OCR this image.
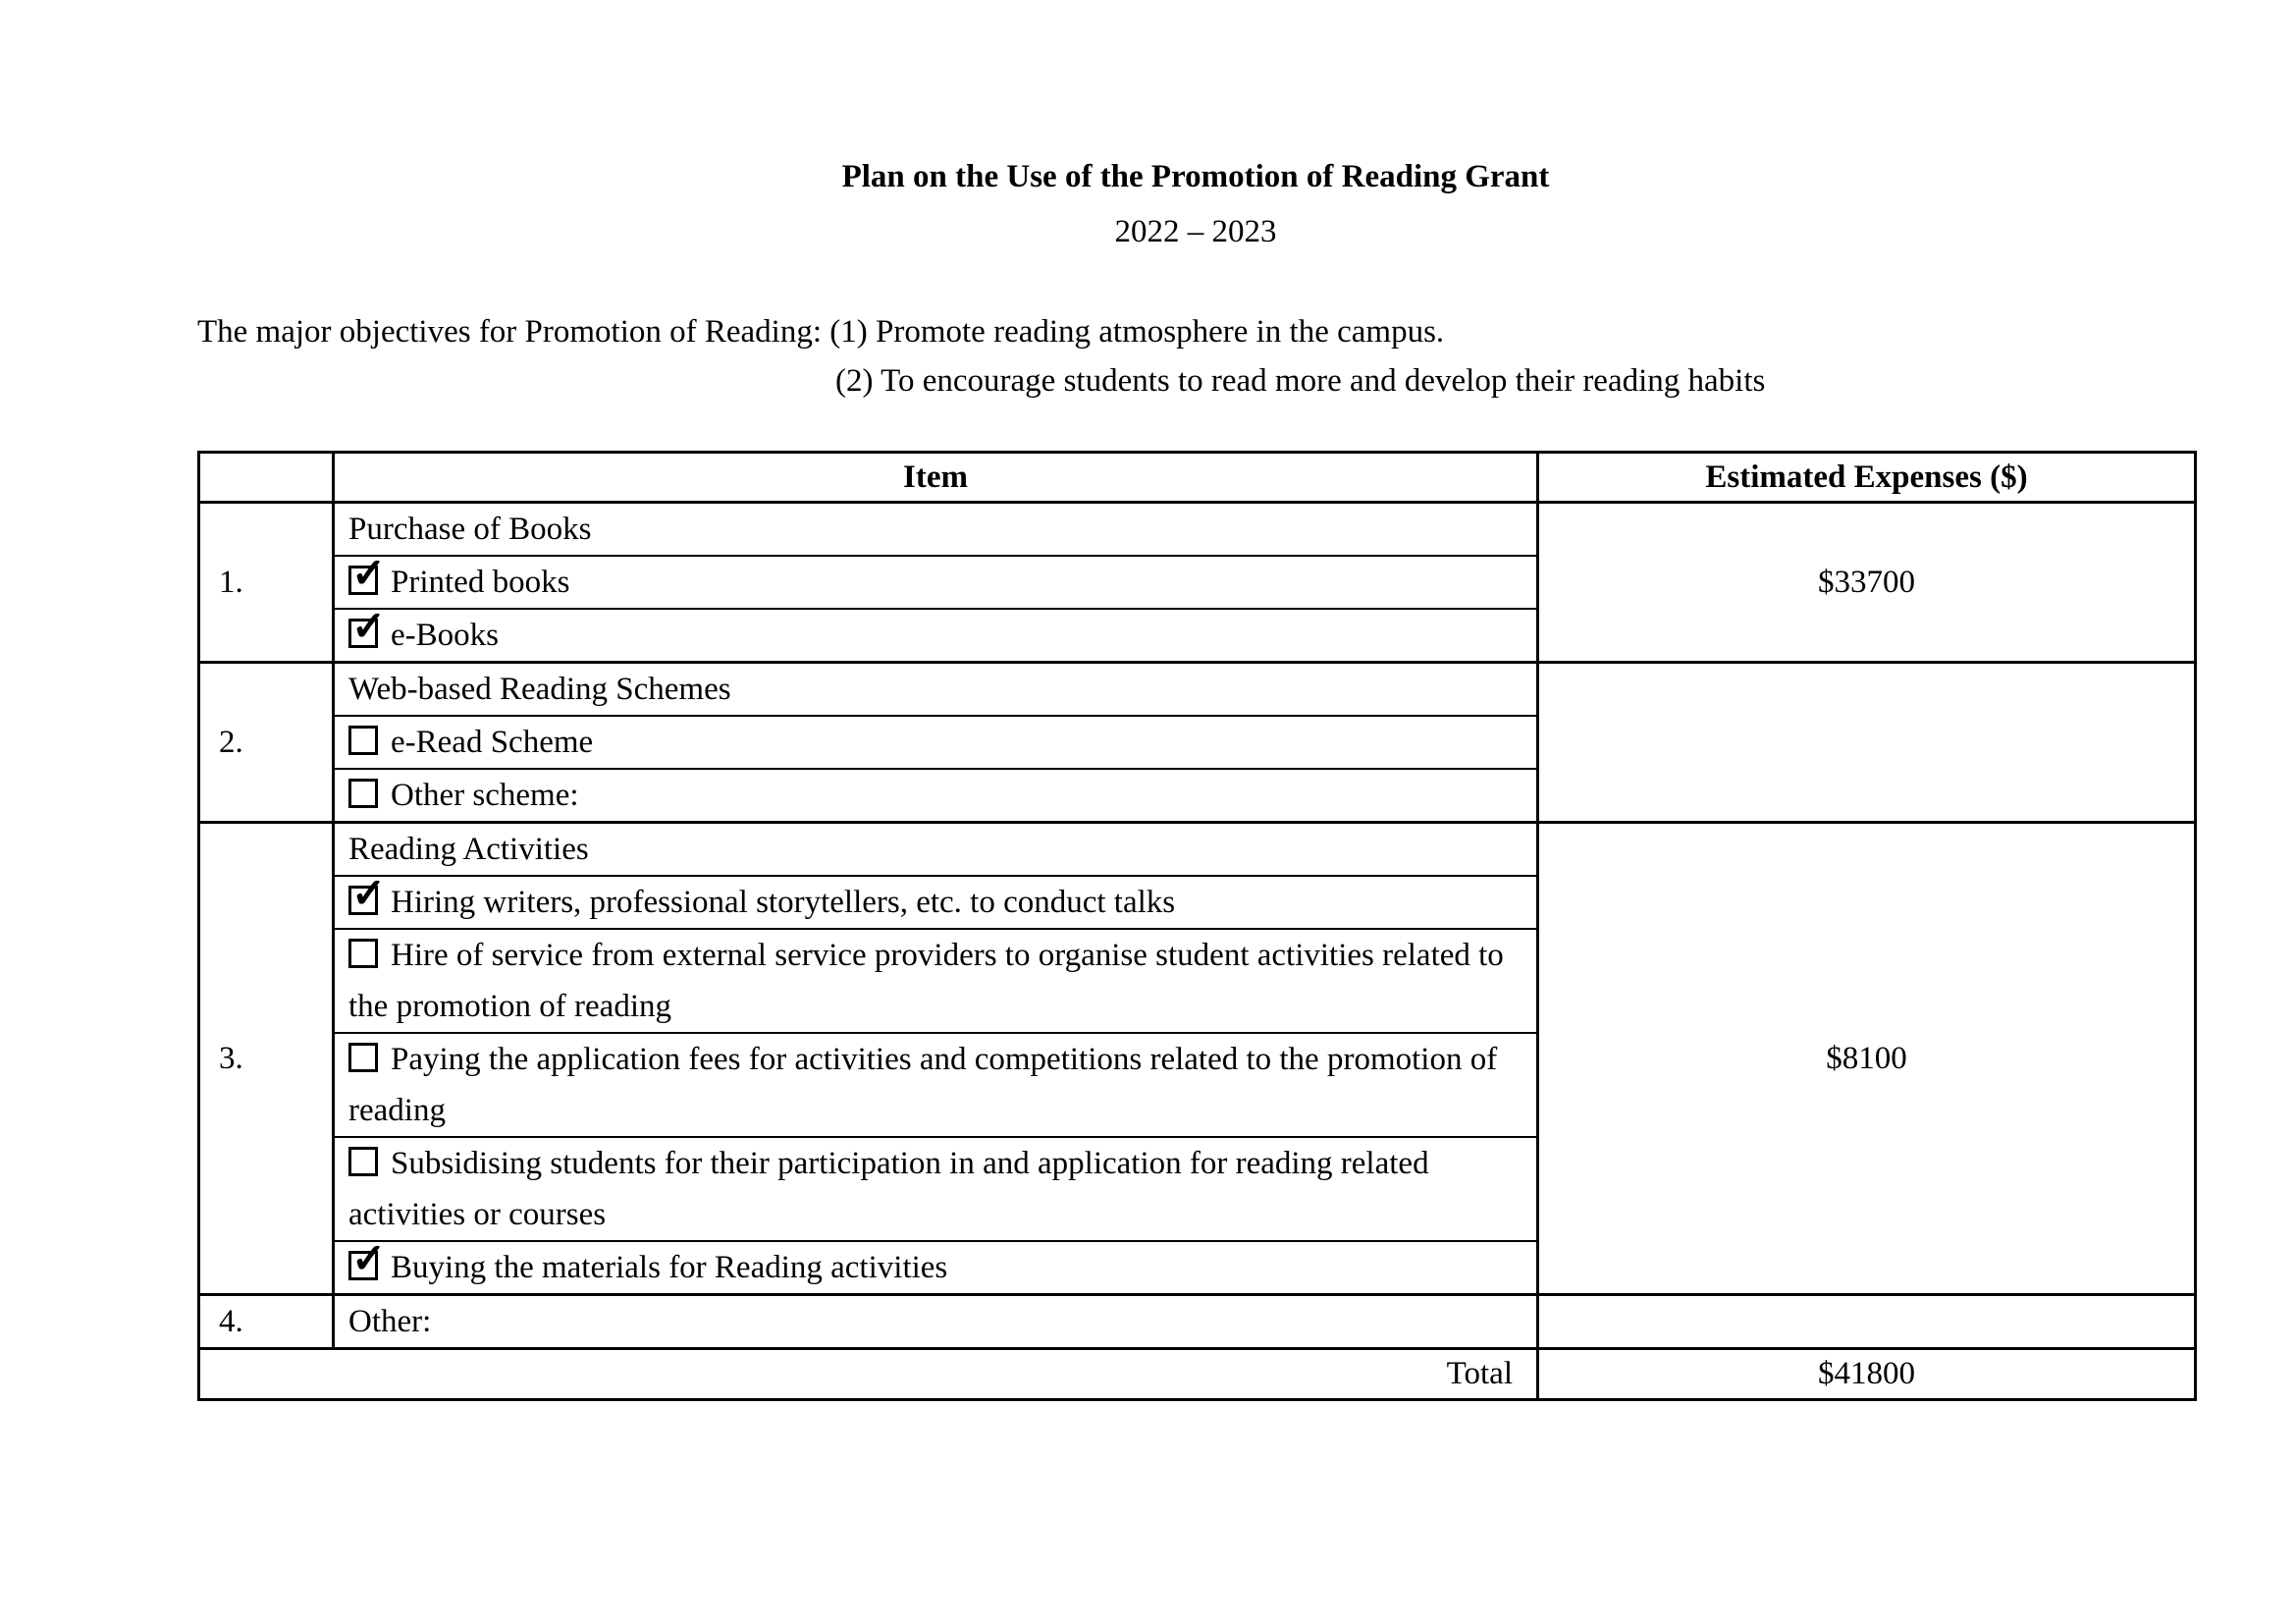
Plan on the Use of the Promotion of Reading Grant
2022 – 2023
The major objectives for Promotion of Reading: (1) Promote reading atmosphere in the campus.
(2) To encourage students to read more and develop their reading habits
	Item	Estimated Expenses ($)
1.	Purchase of Books	$33700
✓Printed books
✓e-Books
2.	Web-based Reading Schemes	
	e-Read Scheme	
	Other scheme:	
3.	Reading Activities	$8100
✓Hiring writers, professional storytellers, etc. to conduct talks
	Hire of service from external service providers to organise student activities related to the promotion of reading	
	Paying the application fees for activities and competitions related to the promotion of reading	
	Subsidising students for their participation in and application for reading related activities or courses	
✓Buying the materials for Reading activities
4.	Other:	
Total		$41800
